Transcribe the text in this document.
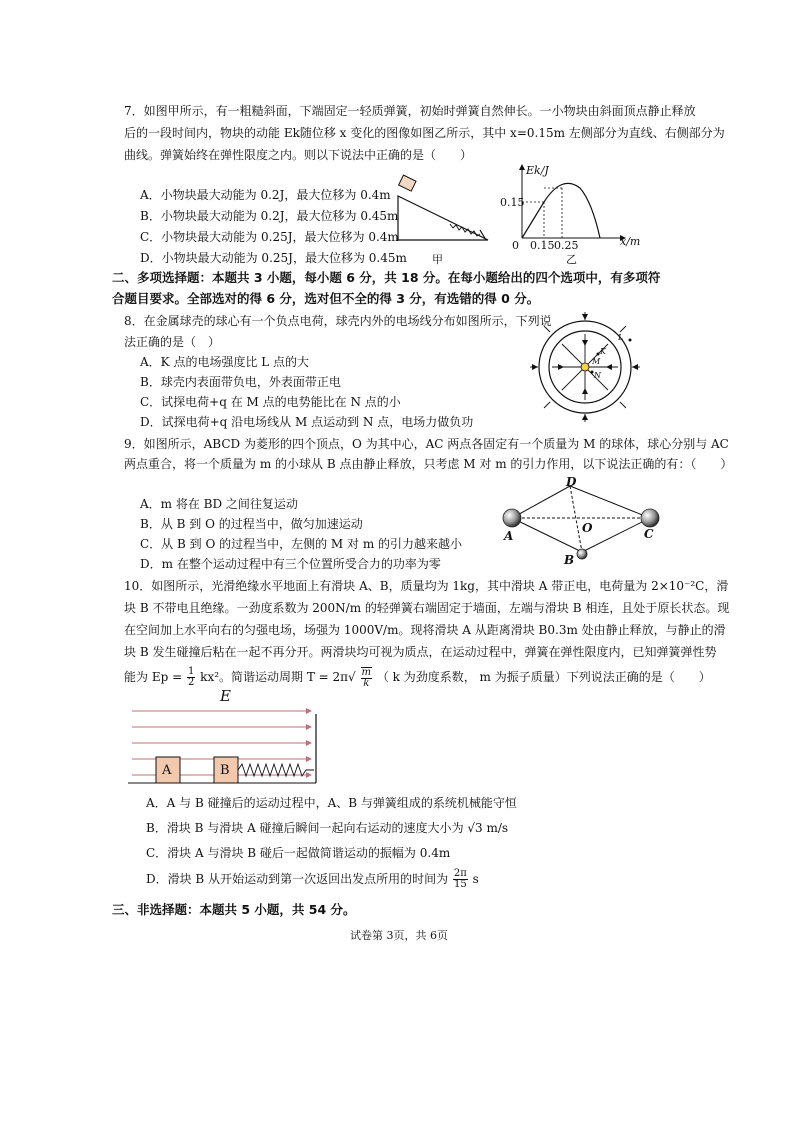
7．如图甲所示，有一粗糙斜面，下端固定一轻质弹簧，初始时弹簧自然伸长。一小物块由斜面顶点静止释放
后的一段时间内，物块的动能 Ek随位移 x 变化的图像如图乙所示，其中 x=0.15m 左侧部分为直线、右侧部分为
曲线。弹簧始终在弹性限度之内。则以下说法中正确的是（　　）
A．小物块最大动能为 0.2J，最大位移为 0.4m
B．小物块最大动能为 0.2J，最大位移为 0.45m
C．小物块最大动能为 0.25J，最大位移为 0.4m
D．小物块最大动能为 0.25J，最大位移为 0.45m 甲
Ek/J
0.15
0 0.15 0.25	x/m
乙
二、多项选择题：本题共 3 小题，每小题 6 分，共 18 分。在每小题给出的四个选项中，有多项符
合题目要求。全部选对的得 6 分，选对但不全的得 3 分，有选错的得 0 分。
8．在金属球壳的球心有一个负点电荷，球壳内外的电场线分布如图所示，下列说
法正确的是（　）
A．K 点的电场强度比 L 点的大
B．球壳内表面带负电，外表面带正电
C．试探电荷+q 在 M 点的电势能比在 N 点的小
D．试探电荷+q 沿电场线从 M 点运动到 N 点，电场力做负功
K
L
M
N
9．如图所示，ABCD 为菱形的四个顶点，O 为其中心，AC 两点各固定有一个质量为 M 的球体，球心分别与 AC
两点重合，将一个质量为 m 的小球从 B 点由静止释放，只考虑 M 对 m 的引力作用，以下说法正确的有：（　　）
A．m 将在 BD 之间往复运动
B．从 B 到 O 的过程当中，做匀加速运动
C．从 B 到 O 的过程当中，左侧的 M 对 m 的引力越来越小
D．m 在整个运动过程中有三个位置所受合力的功率为零
A
B
C
D
O
10．如图所示，光滑绝缘水平地面上有滑块 A、B，质量均为 1kg，其中滑块 A 带正电，电荷量为 2×10⁻²C，滑
块 B 不带电且绝缘。一劲度系数为 200N/m 的轻弹簧右端固定于墙面，左端与滑块 B 相连，且处于原长状态。现
在空间加上水平向右的匀强电场，场强为 1000V/m。现将滑块 A 从距离滑块 B0.3m 处由静止释放，与静止的滑
块 B 发生碰撞后粘在一起不再分开。两滑块均可视为质点，在运动过程中，弹簧在弹性限度内，已知弹簧弹性势
能为 $Ep = \frac{1}{2} kx^2$。简谐运动周期 $T = 2\pi√ \frac{m}{k}$ （ k 为劲度系数， m 为振子质量）下列说法正确的是（　　）
E
A	B
A．A 与 B 碰撞后的运动过程中，A、B 与弹簧组成的系统机械能守恒
B．滑块 B 与滑块 A 碰撞后瞬间一起向右运动的速度大小为 √3 m/s
C．滑块 A 与滑块 B 碰后一起做简谐运动的振幅为 0.4m
D．滑块 B 从开始运动到第一次返回出发点所用的时间为 $\frac{2\pi}{15}$ s
三、非选择题：本题共 5 小题，共 54 分。
试卷第 3页，共 6页
